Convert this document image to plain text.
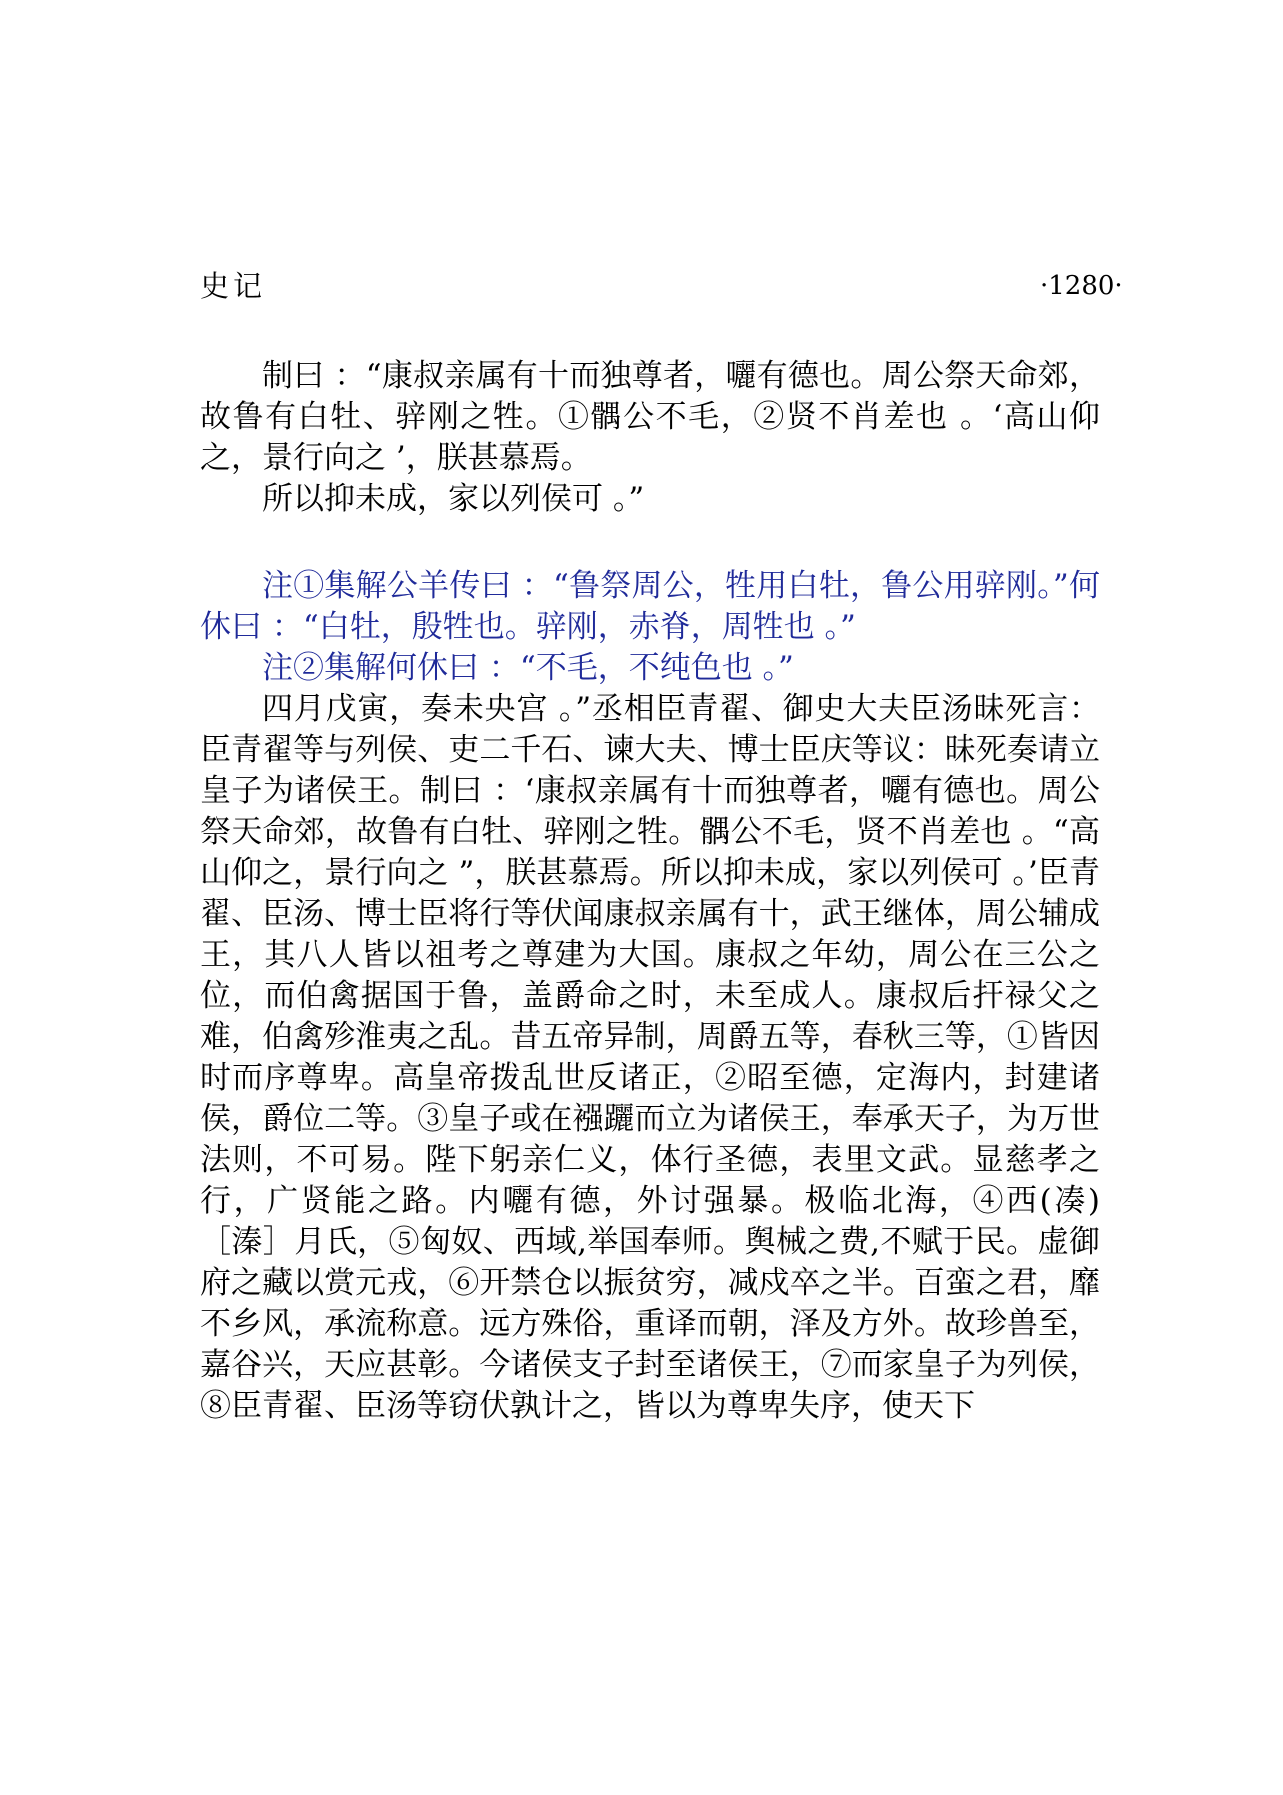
史记	·1280·

制曰 ：“康叔亲属有十而独尊者，囇有德也。周公祭天命郊，故鲁有白牡、骍刚之牲。①髃公不毛，②贤不肖差也 。‘高山仰之，景行向之 ’，朕甚慕焉。

所以抑未成，家以列侯可 。”

注①集解公羊传曰 ：“鲁祭周公，牲用白牡，鲁公用骍刚。”何休曰 ：“白牡，殷牲也。骍刚，赤脊，周牲也 。”

注②集解何休曰 ：“不毛，不纯色也 。”

四月戊寅，奏未央宫 。”丞相臣青翟、御史大夫臣汤昧死言：臣青翟等与列侯、吏二千石、谏大夫、博士臣庆等议：昧死奏请立皇子为诸侯王。制曰 ：‘康叔亲属有十而独尊者，囇有德也。周公祭天命郊，故鲁有白牡、骍刚之牲。髃公不毛，贤不肖差也 。“高山仰之，景行向之 ”，朕甚慕焉。所以抑未成，家以列侯可 。’臣青翟、臣汤、博士臣将行等伏闻康叔亲属有十，武王继体，周公辅成王，其八人皆以祖考之尊建为大国。康叔之年幼，周公在三公之位，而伯禽据国于鲁，盖爵命之时，未至成人。康叔后扞禄父之难，伯禽殄淮夷之乱。昔五帝异制，周爵五等，春秋三等，①皆因时而序尊卑。高皇帝拨乱世反诸正，②昭至德，定海内，封建诸侯，爵位二等。③皇子或在襁躧而立为诸侯王，奉承天子，为万世法则，不可易。陛下躬亲仁义，体行圣德，表里文武。显慈孝之行，广贤能之路。内囇有德，外讨强暴。极临北海，④西(凑)［溱］月氏，⑤匈奴、西域,举国奉师。舆械之费,不赋于民。虚御府之藏以赏元戎，⑥开禁仓以振贫穷，减戍卒之半。百蛮之君，靡不乡风，承流称意。远方殊俗，重译而朝，泽及方外。故珍兽至，嘉谷兴，天应甚彰。今诸侯支子封至诸侯王，⑦而家皇子为列侯，⑧臣青翟、臣汤等窃伏孰计之，皆以为尊卑失序，使天下
